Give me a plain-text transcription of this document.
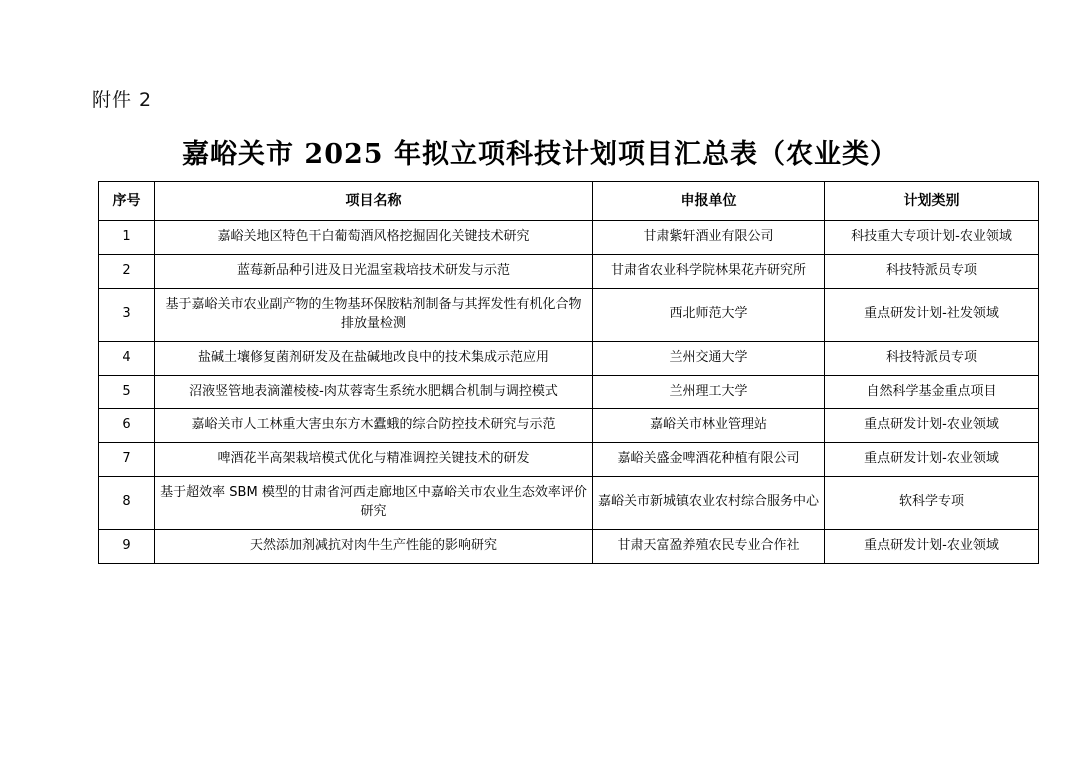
附件 2
嘉峪关市 2025 年拟立项科技计划项目汇总表（农业类）
序号	项目名称	申报单位	计划类别
1	嘉峪关地区特色干白葡萄酒风格挖掘固化关键技术研究	甘肃紫轩酒业有限公司	科技重大专项计划-农业领域
2	蓝莓新品种引进及日光温室栽培技术研发与示范	甘肃省农业科学院林果花卉研究所	科技特派员专项
3	基于嘉峪关市农业副产物的生物基环保胺粘剂制备与其挥发性有机化合物排放量检测	西北师范大学	重点研发计划-社发领域
4	盐碱土壤修复菌剂研发及在盐碱地改良中的技术集成示范应用	兰州交通大学	科技特派员专项
5	沼液竖管地表滴灌棱棱-肉苁蓉寄生系统水肥耦合机制与调控模式	兰州理工大学	自然科学基金重点项目
6	嘉峪关市人工林重大害虫东方木蠹蛾的综合防控技术研究与示范	嘉峪关市林业管理站	重点研发计划-农业领域
7	啤酒花半高架栽培模式优化与精准调控关键技术的研发	嘉峪关盛金啤酒花种植有限公司	重点研发计划-农业领域
8	基于超效率 SBM 模型的甘肃省河西走廊地区中嘉峪关市农业生态效率评价研究	嘉峪关市新城镇农业农村综合服务中心	软科学专项
9	天然添加剂减抗对肉牛生产性能的影响研究	甘肃天富盈养殖农民专业合作社	重点研发计划-农业领域
